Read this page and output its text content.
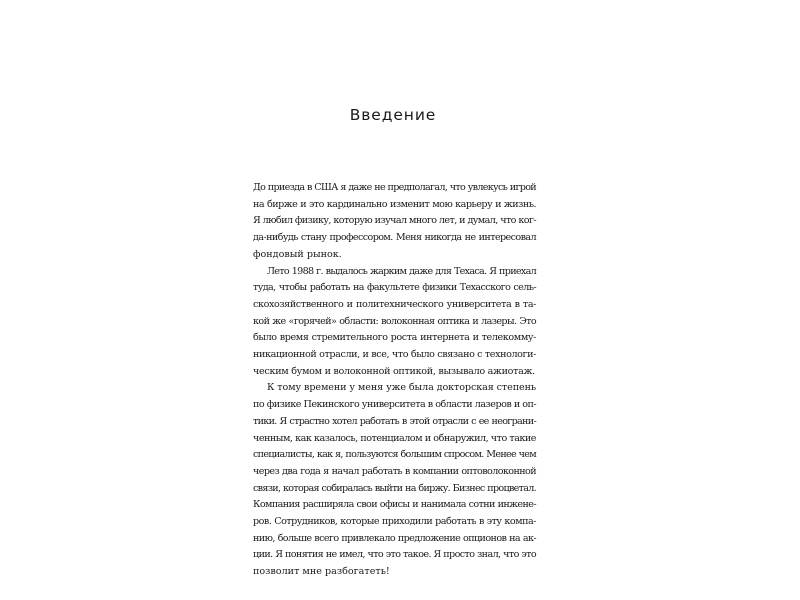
Введение

До приезда в США я даже не предполагал, что увлекусь игрой
на бирже и это кардинально изменит мою карьеру и жизнь.
Я любил физику, которую изучал много лет, и думал, что ког-
да-нибудь стану профессором. Меня никогда не интересовал
фондовый рынок.

Лето 1988 г. выдалось жарким даже для Техаса. Я приехал
туда, чтобы работать на факультете физики Техасского сель-
скохозяйственного и политехнического университета в та-
кой же «горячей» области: волоконная оптика и лазеры. Это
было время стремительного роста интернета и телекомму-
никационной отрасли, и все, что было связано с технологи-
ческим бумом и волоконной оптикой, вызывало ажиотаж.

К тому времени у меня уже была докторская степень
по физике Пекинского университета в области лазеров и оп-
тики. Я страстно хотел работать в этой отрасли с ее неограни-
ченным, как казалось, потенциалом и обнаружил, что такие
специалисты, как я, пользуются большим спросом. Менее чем
через два года я начал работать в компании оптоволоконной
связи, которая собиралась выйти на биржу. Бизнес процветал.
Компания расширяла свои офисы и нанимала сотни инжене-
ров. Сотрудников, которые приходили работать в эту компа-
нию, больше всего привлекало предложение опционов на ак-
ции. Я понятия не имел, что это такое. Я просто знал, что это
позволит мне разбогатеть!
